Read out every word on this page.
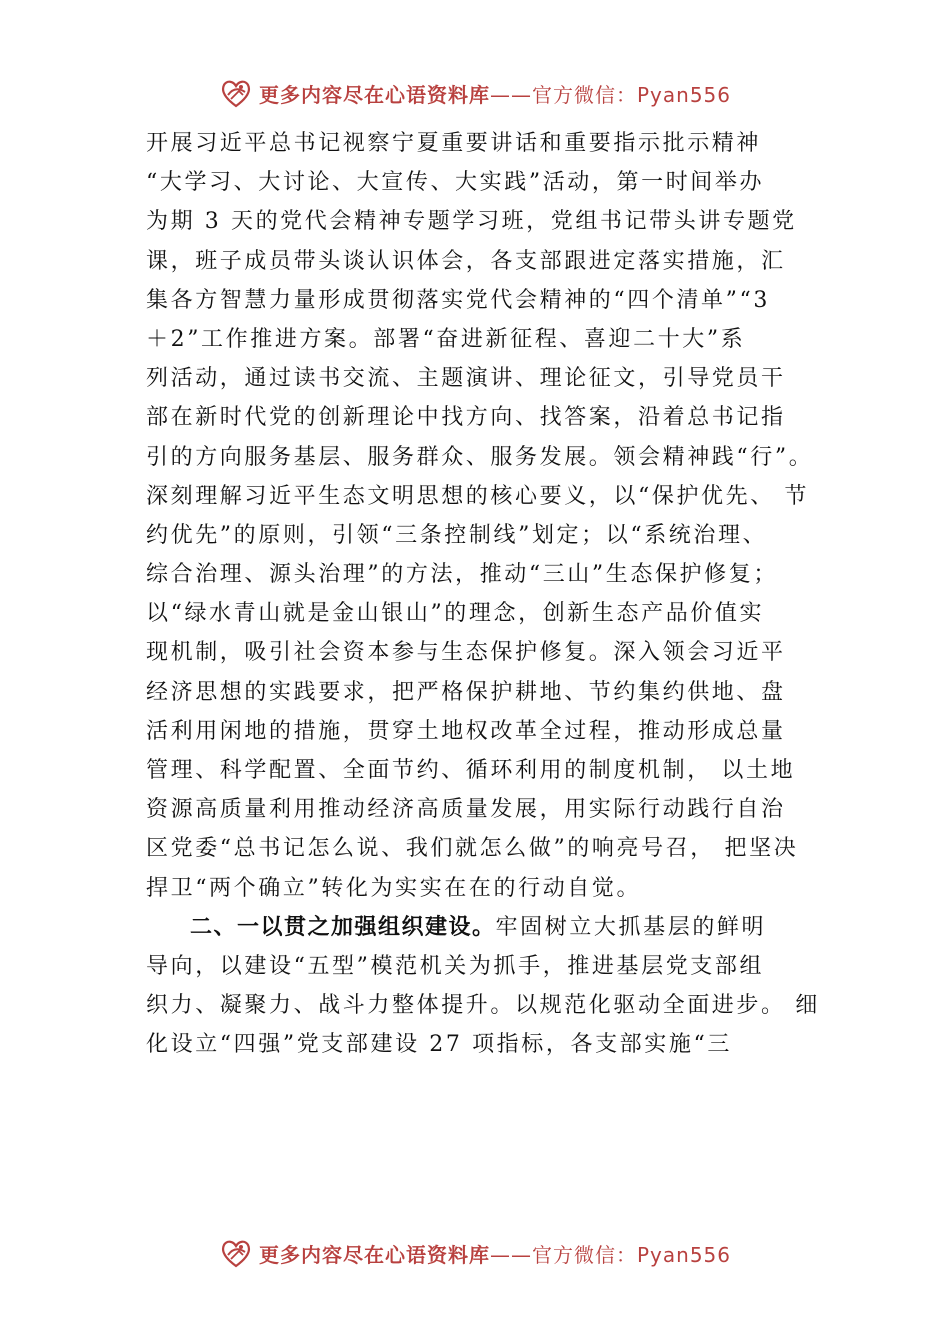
更多内容尽在心语资料库——官方微信：Pyan556
开展习近平总书记视察宁夏重要讲话和重要指示批示精神
“大学习、大讨论、大宣传、大实践”活动，第一时间举办
为期 3 天的党代会精神专题学习班，党组书记带头讲专题党
课，班子成员带头谈认识体会，各支部跟进定落实措施，汇
集各方智慧力量形成贯彻落实党代会精神的“四个清单”“3
＋2”工作推进方案。部署“奋进新征程、喜迎二十大”系
列活动，通过读书交流、主题演讲、理论征文，引导党员干
部在新时代党的创新理论中找方向、找答案，沿着总书记指
引的方向服务基层、服务群众、服务发展。领会精神践“行”。
深刻理解习近平生态文明思想的核心要义，以“保护优先、 节
约优先”的原则，引领“三条控制线”划定；以“系统治理、
综合治理、源头治理”的方法，推动“三山”生态保护修复；
以“绿水青山就是金山银山”的理念，创新生态产品价值实
现机制，吸引社会资本参与生态保护修复。深入领会习近平
经济思想的实践要求，把严格保护耕地、节约集约供地、盘
活利用闲地的措施，贯穿土地权改革全过程，推动形成总量
管理、科学配置、全面节约、循环利用的制度机制， 以土地
资源高质量利用推动经济高质量发展，用实际行动践行自治
区党委“总书记怎么说、我们就怎么做”的响亮号召， 把坚决
捍卫“两个确立”转化为实实在在的行动自觉。
二、一以贯之加强组织建设。牢固树立大抓基层的鲜明
导向，以建设“五型”模范机关为抓手，推进基层党支部组
织力、凝聚力、战斗力整体提升。以规范化驱动全面进步。 细
化设立“四强”党支部建设 27 项指标，各支部实施“三
更多内容尽在心语资料库——官方微信：Pyan556
